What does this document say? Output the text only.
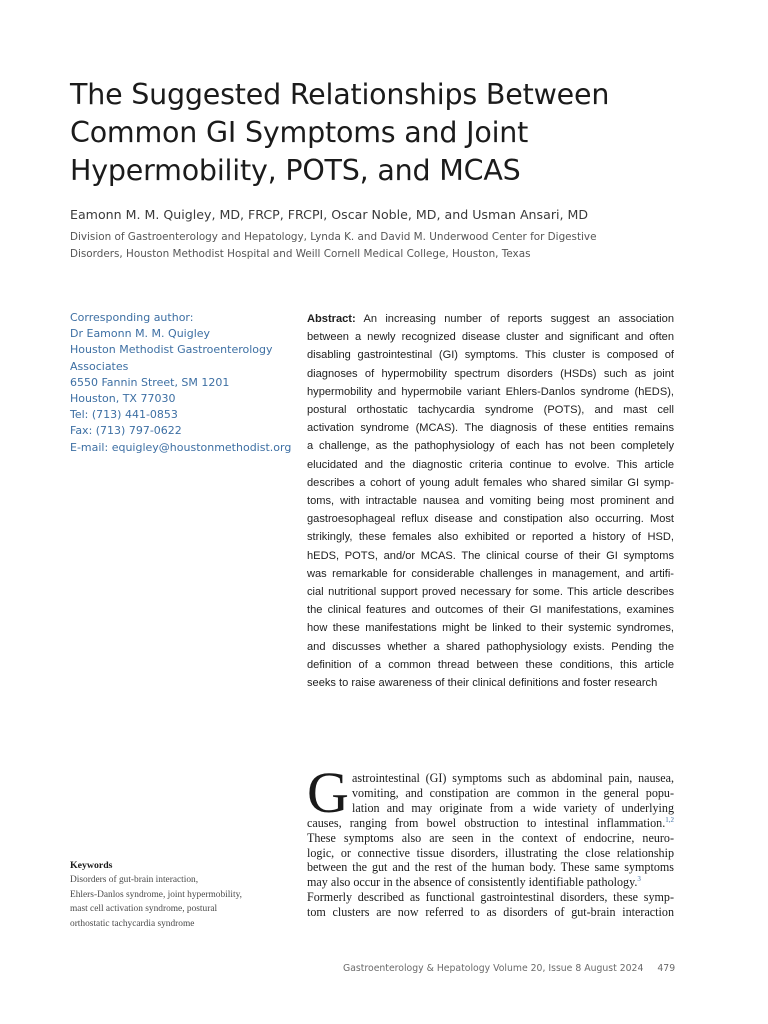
The Suggested Relationships Between
Common GI Symptoms and Joint
Hypermobility, POTS, and MCAS
Eamonn M. M. Quigley, MD, FRCP, FRCPI, Oscar Noble, MD, and Usman Ansari, MD
Division of Gastroenterology and Hepatology, Lynda K. and David M. Underwood Center for Digestive
Disorders, Houston Methodist Hospital and Weill Cornell Medical College, Houston, Texas
Corresponding author:
Dr Eamonn M. M. Quigley
Houston Methodist Gastroenterology
Associates
6550 Fannin Street, SM 1201
Houston, TX 77030
Tel: (713) 441-0853
Fax: (713) 797-0622
E-mail: equigley@houstonmethodist.org
Abstract: An increasing number of reports suggest an association
between a newly recognized disease cluster and significant and often
disabling gastrointestinal (GI) symptoms. This cluster is composed of
diagnoses of hypermobility spectrum disorders (HSDs) such as joint
hypermobility and hypermobile variant Ehlers-Danlos syndrome (hEDS),
postural orthostatic tachycardia syndrome (POTS), and mast cell
activation syndrome (MCAS). The diagnosis of these entities remains
a challenge, as the pathophysiology of each has not been completely
elucidated and the diagnostic criteria continue to evolve. This article
describes a cohort of young adult females who shared similar GI symp-
toms, with intractable nausea and vomiting being most prominent and
gastroesophageal reflux disease and constipation also occurring. Most
strikingly, these females also exhibited or reported a history of HSD,
hEDS, POTS, and/or MCAS. The clinical course of their GI symptoms
was remarkable for considerable challenges in management, and artifi-
cial nutritional support proved necessary for some. This article describes
the clinical features and outcomes of their GI manifestations, examines
how these manifestations might be linked to their systemic syndromes,
and discusses whether a shared pathophysiology exists. Pending the
definition of a common thread between these conditions, this article
seeks to raise awareness of their clinical definitions and foster research
Keywords
Disorders of gut-brain interaction,
Ehlers-Danlos syndrome, joint hypermobility,
mast cell activation syndrome, postural
orthostatic tachycardia syndrome
G astrointestinal (GI) symptoms such as abdominal pain, nausea,
vomiting, and constipation are common in the general popu-
lation and may originate from a wide variety of underlying
causes, ranging from bowel obstruction to intestinal inflammation.$^{1,2}$
These symptoms also are seen in the context of endocrine, neuro-
logic, or connective tissue disorders, illustrating the close relationship
between the gut and the rest of the human body. These same symptoms
may also occur in the absence of consistently identifiable pathology.$^3$
Formerly described as functional gastrointestinal disorders, these symp-
tom clusters are now referred to as disorders of gut-brain interaction
Gastroenterology & Hepatology Volume 20, Issue 8 August 2024 479
